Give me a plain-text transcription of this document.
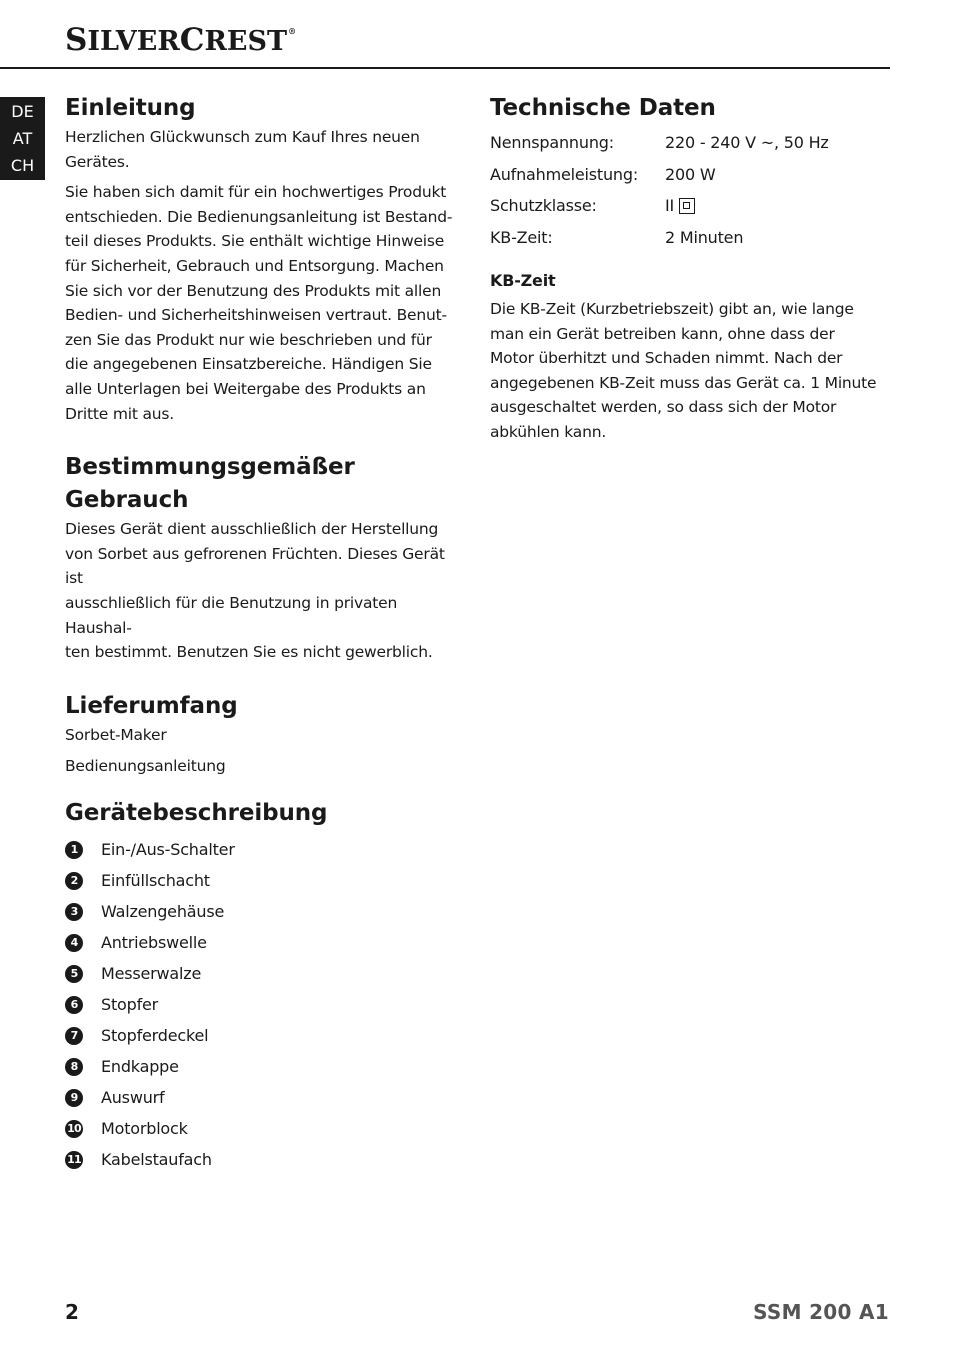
SILVERCREST®
DE
AT
CH
Einleitung

Herzlichen Glückwunsch zum Kauf Ihres neuen
Gerätes.

Sie haben sich damit für ein hochwertiges Produkt
entschieden. Die Bedienungsanleitung ist Bestand-
teil dieses Produkts. Sie enthält wichtige Hinweise
für Sicherheit, Gebrauch und Entsorgung. Machen
Sie sich vor der Benutzung des Produkts mit allen
Bedien- und Sicherheitshinweisen vertraut. Benut-
zen Sie das Produkt nur wie beschrieben und für
die angegebenen Einsatzbereiche. Händigen Sie
alle Unterlagen bei Weitergabe des Produkts an
Dritte mit aus.

Bestimmungsgemäßer
Gebrauch

Dieses Gerät dient ausschließlich der Herstellung
von Sorbet aus gefrorenen Früchten. Dieses Gerät ist
ausschließlich für die Benutzung in privaten Haushal-
ten bestimmt. Benutzen Sie es nicht gewerblich.

Lieferumfang
Sorbet-Maker
Bedienungsanleitung
Gerätebeschreibung
1	Ein-/Aus-Schalter
2	Einfüllschacht
3	Walzengehäuse
4	Antriebswelle
5	Messerwalze
6	Stopfer
7	Stopferdeckel
8	Endkappe
9	Auswurf
10 Motorblock
11 Kabelstaufach
Technische Daten
Nennspannung:	220 - 240 V ~, 50 Hz
Aufnahmeleistung:	200 W
Schutzklasse:	II
KB-Zeit:	2 Minuten
KB-Zeit

Die KB-Zeit (Kurzbetriebszeit) gibt an, wie lange
man ein Gerät betreiben kann, ohne dass der
Motor überhitzt und Schaden nimmt. Nach der
angegebenen KB-Zeit muss das Gerät ca. 1 Minute
ausgeschaltet werden, so dass sich der Motor
abkühlen kann.

2	SSM 200 A1
